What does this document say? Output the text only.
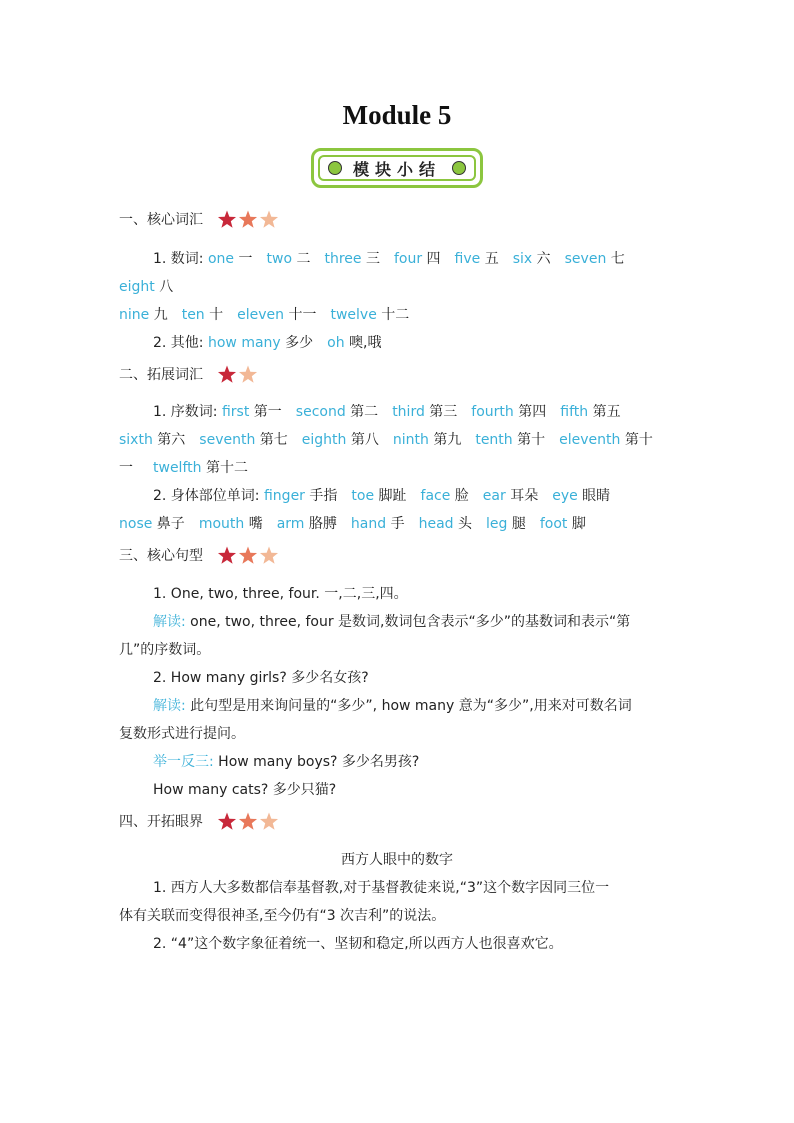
Module 5
模块小结
一、核心词汇
1. 数词: one 一 two 二 three 三 four 四 five 五 six 六 seven 七
eight 八
nine 九 ten 十 eleven 十一 twelve 十二
2. 其他: how many 多少 oh 噢,哦
二、拓展词汇
1. 序数词: first 第一 second 第二 third 第三 fourth 第四 fifth 第五
sixth 第六 seventh 第七 eighth 第八 ninth 第九 tenth 第十 eleventh 第十
一 twelfth 第十二
2. 身体部位单词: finger 手指 toe 脚趾 face 脸 ear 耳朵 eye 眼睛
nose 鼻子 mouth 嘴 arm 胳膊 hand 手 head 头 leg 腿 foot 脚
三、核心句型
1. One, two, three, four. 一,二,三,四。
解读: one, two, three, four 是数词,数词包含表示“多少”的基数词和表示“第
几”的序数词。
2. How many girls? 多少名女孩?
解读: 此句型是用来询问量的“多少”, how many 意为“多少”,用来对可数名词
复数形式进行提问。
举一反三: How many boys? 多少名男孩?
How many cats? 多少只猫?
四、开拓眼界
西方人眼中的数字
1. 西方人大多数都信奉基督教,对于基督教徒来说,“3”这个数字因同三位一
体有关联而变得很神圣,至今仍有“3 次吉利”的说法。
2. “4”这个数字象征着统一、坚韧和稳定,所以西方人也很喜欢它。
